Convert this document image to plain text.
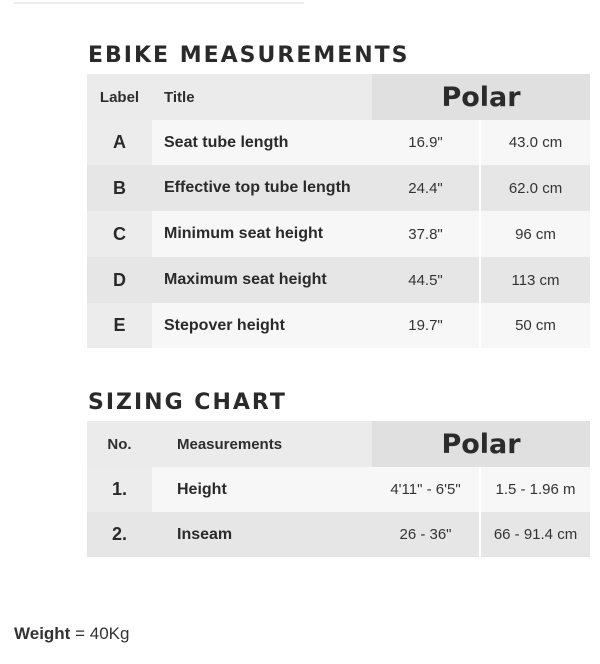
EBIKE MEASUREMENTS
Label	Title	Polar	
A	Seat tube length	16.9"	43.0 cm
B	Effective top tube length	24.4"	62.0 cm
C	Minimum seat height	37.8"	96 cm
D	Maximum seat height	44.5"	113 cm
E	Stepover height	19.7"	50 cm
SIZING CHART
No.	Measurements	Polar	
1.	Height	4'11" - 6'5"	1.5 - 1.96 m
2.	Inseam	26 - 36"	66 - 91.4 cm
Weight = 40Kg
